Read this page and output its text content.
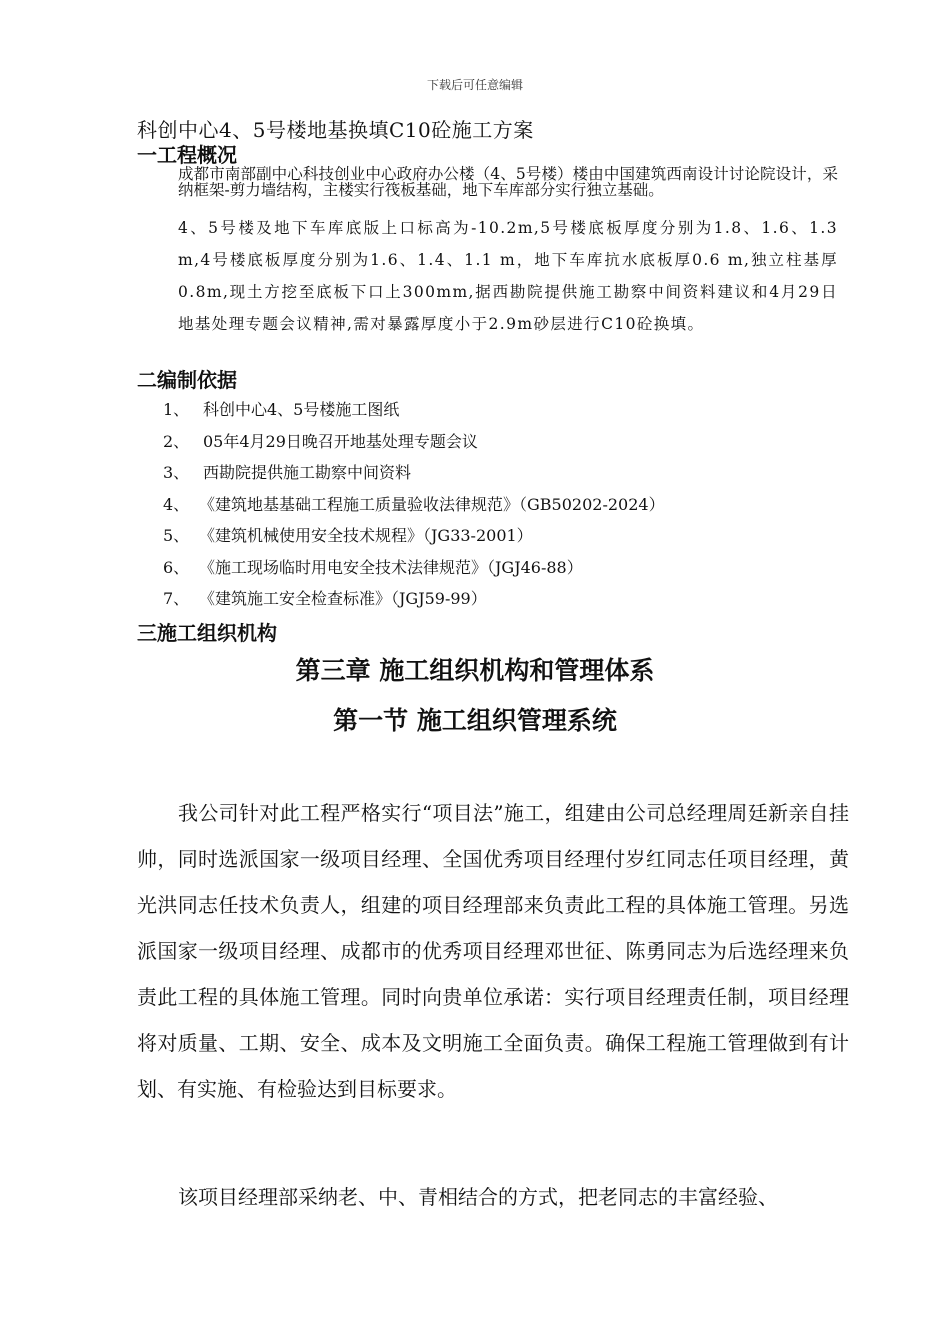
下载后可任意编辑
科创中心4、5号楼地基换填C10砼施工方案
一工程概况

成都市南部副中心科技创业中心政府办公楼（4、5号楼）楼由中国建筑西南设计讨论院设计，采纳框架-剪力墙结构，主楼实行筏板基础，地下车库部分实行独立基础。

4、5号楼及地下车库底版上口标高为-10.2m,5号楼底板厚度分别为1.8、1.6、1.3 m,4号楼底板厚度分别为1.6、1.4、1.1 m，地下车库抗水底板厚0.6 m,独立柱基厚0.8m,现土方挖至底板下口上300mm,据西勘院提供施工勘察中间资料建议和4月29日地基处理专题会议精神,需对暴露厚度小于2.9m砂层进行C10砼换填。

二编制依据
1、 科创中心4、5号楼施工图纸
2、 05年4月29日晚召开地基处理专题会议
3、 西勘院提供施工勘察中间资料
4、 《建筑地基基础工程施工质量验收法律规范》（GB50202-2024）
5、 《建筑机械使用安全技术规程》（JG33-2001）
6、 《施工现场临时用电安全技术法律规范》（JGJ46-88）
7、 《建筑施工安全检查标准》（JGJ59-99）
三施工组织机构
第三章 施工组织机构和管理体系
第一节 施工组织管理系统

我公司针对此工程严格实行“项目法”施工，组建由公司总经理周廷新亲自挂帅，同时选派国家一级项目经理、全国优秀项目经理付岁红同志任项目经理，黄光洪同志任技术负责人，组建的项目经理部来负责此工程的具体施工管理。另选派国家一级项目经理、成都市的优秀项目经理邓世征、陈勇同志为后选经理来负责此工程的具体施工管理。同时向贵单位承诺：实行项目经理责任制，项目经理将对质量、工期、安全、成本及文明施工全面负责。确保工程施工管理做到有计划、有实施、有检验达到目标要求。

该项目经理部采纳老、中、青相结合的方式，把老同志的丰富经验、
